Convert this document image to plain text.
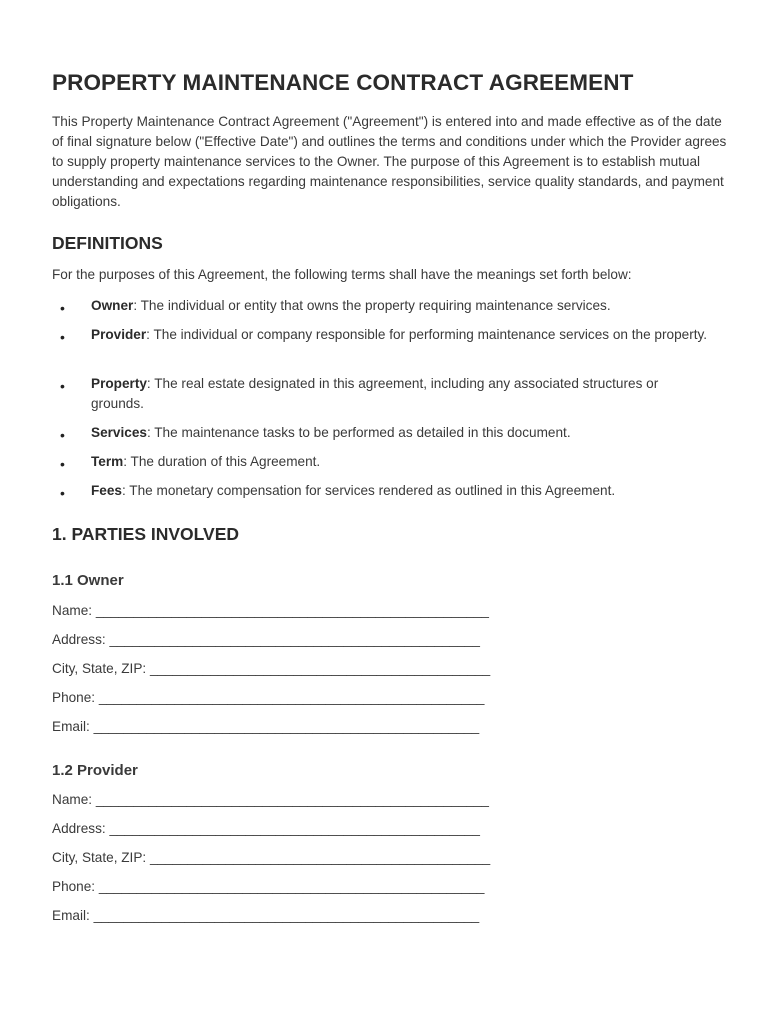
PROPERTY MAINTENANCE CONTRACT AGREEMENT

This Property Maintenance Contract Agreement ("Agreement") is entered into and made effective as of the date of final signature below ("Effective Date") and outlines the terms and conditions under which the Provider agrees to supply property maintenance services to the Owner. The purpose of this Agreement is to establish mutual understanding and expectations regarding maintenance responsibilities, service quality standards, and payment obligations.

DEFINITIONS

For the purposes of this Agreement, the following terms shall have the meanings set forth below:

• Owner: The individual or entity that owns the property requiring maintenance services.
• Provider: The individual or company responsible for performing maintenance services on the property.
• Property: The real estate designated in this agreement, including any associated structures or grounds.
• Services: The maintenance tasks to be performed as detailed in this document.
• Term: The duration of this Agreement.
• Fees: The monetary compensation for services rendered as outlined in this Agreement.
1. PARTIES INVOLVED
1.1 Owner

Name: ____________________________________________________

Address: _________________________________________________

City, State, ZIP: _____________________________________________

Phone: ___________________________________________________

Email: ___________________________________________________

1.2 Provider

Name: ____________________________________________________

Address: _________________________________________________

City, State, ZIP: _____________________________________________

Phone: ___________________________________________________

Email: ___________________________________________________
